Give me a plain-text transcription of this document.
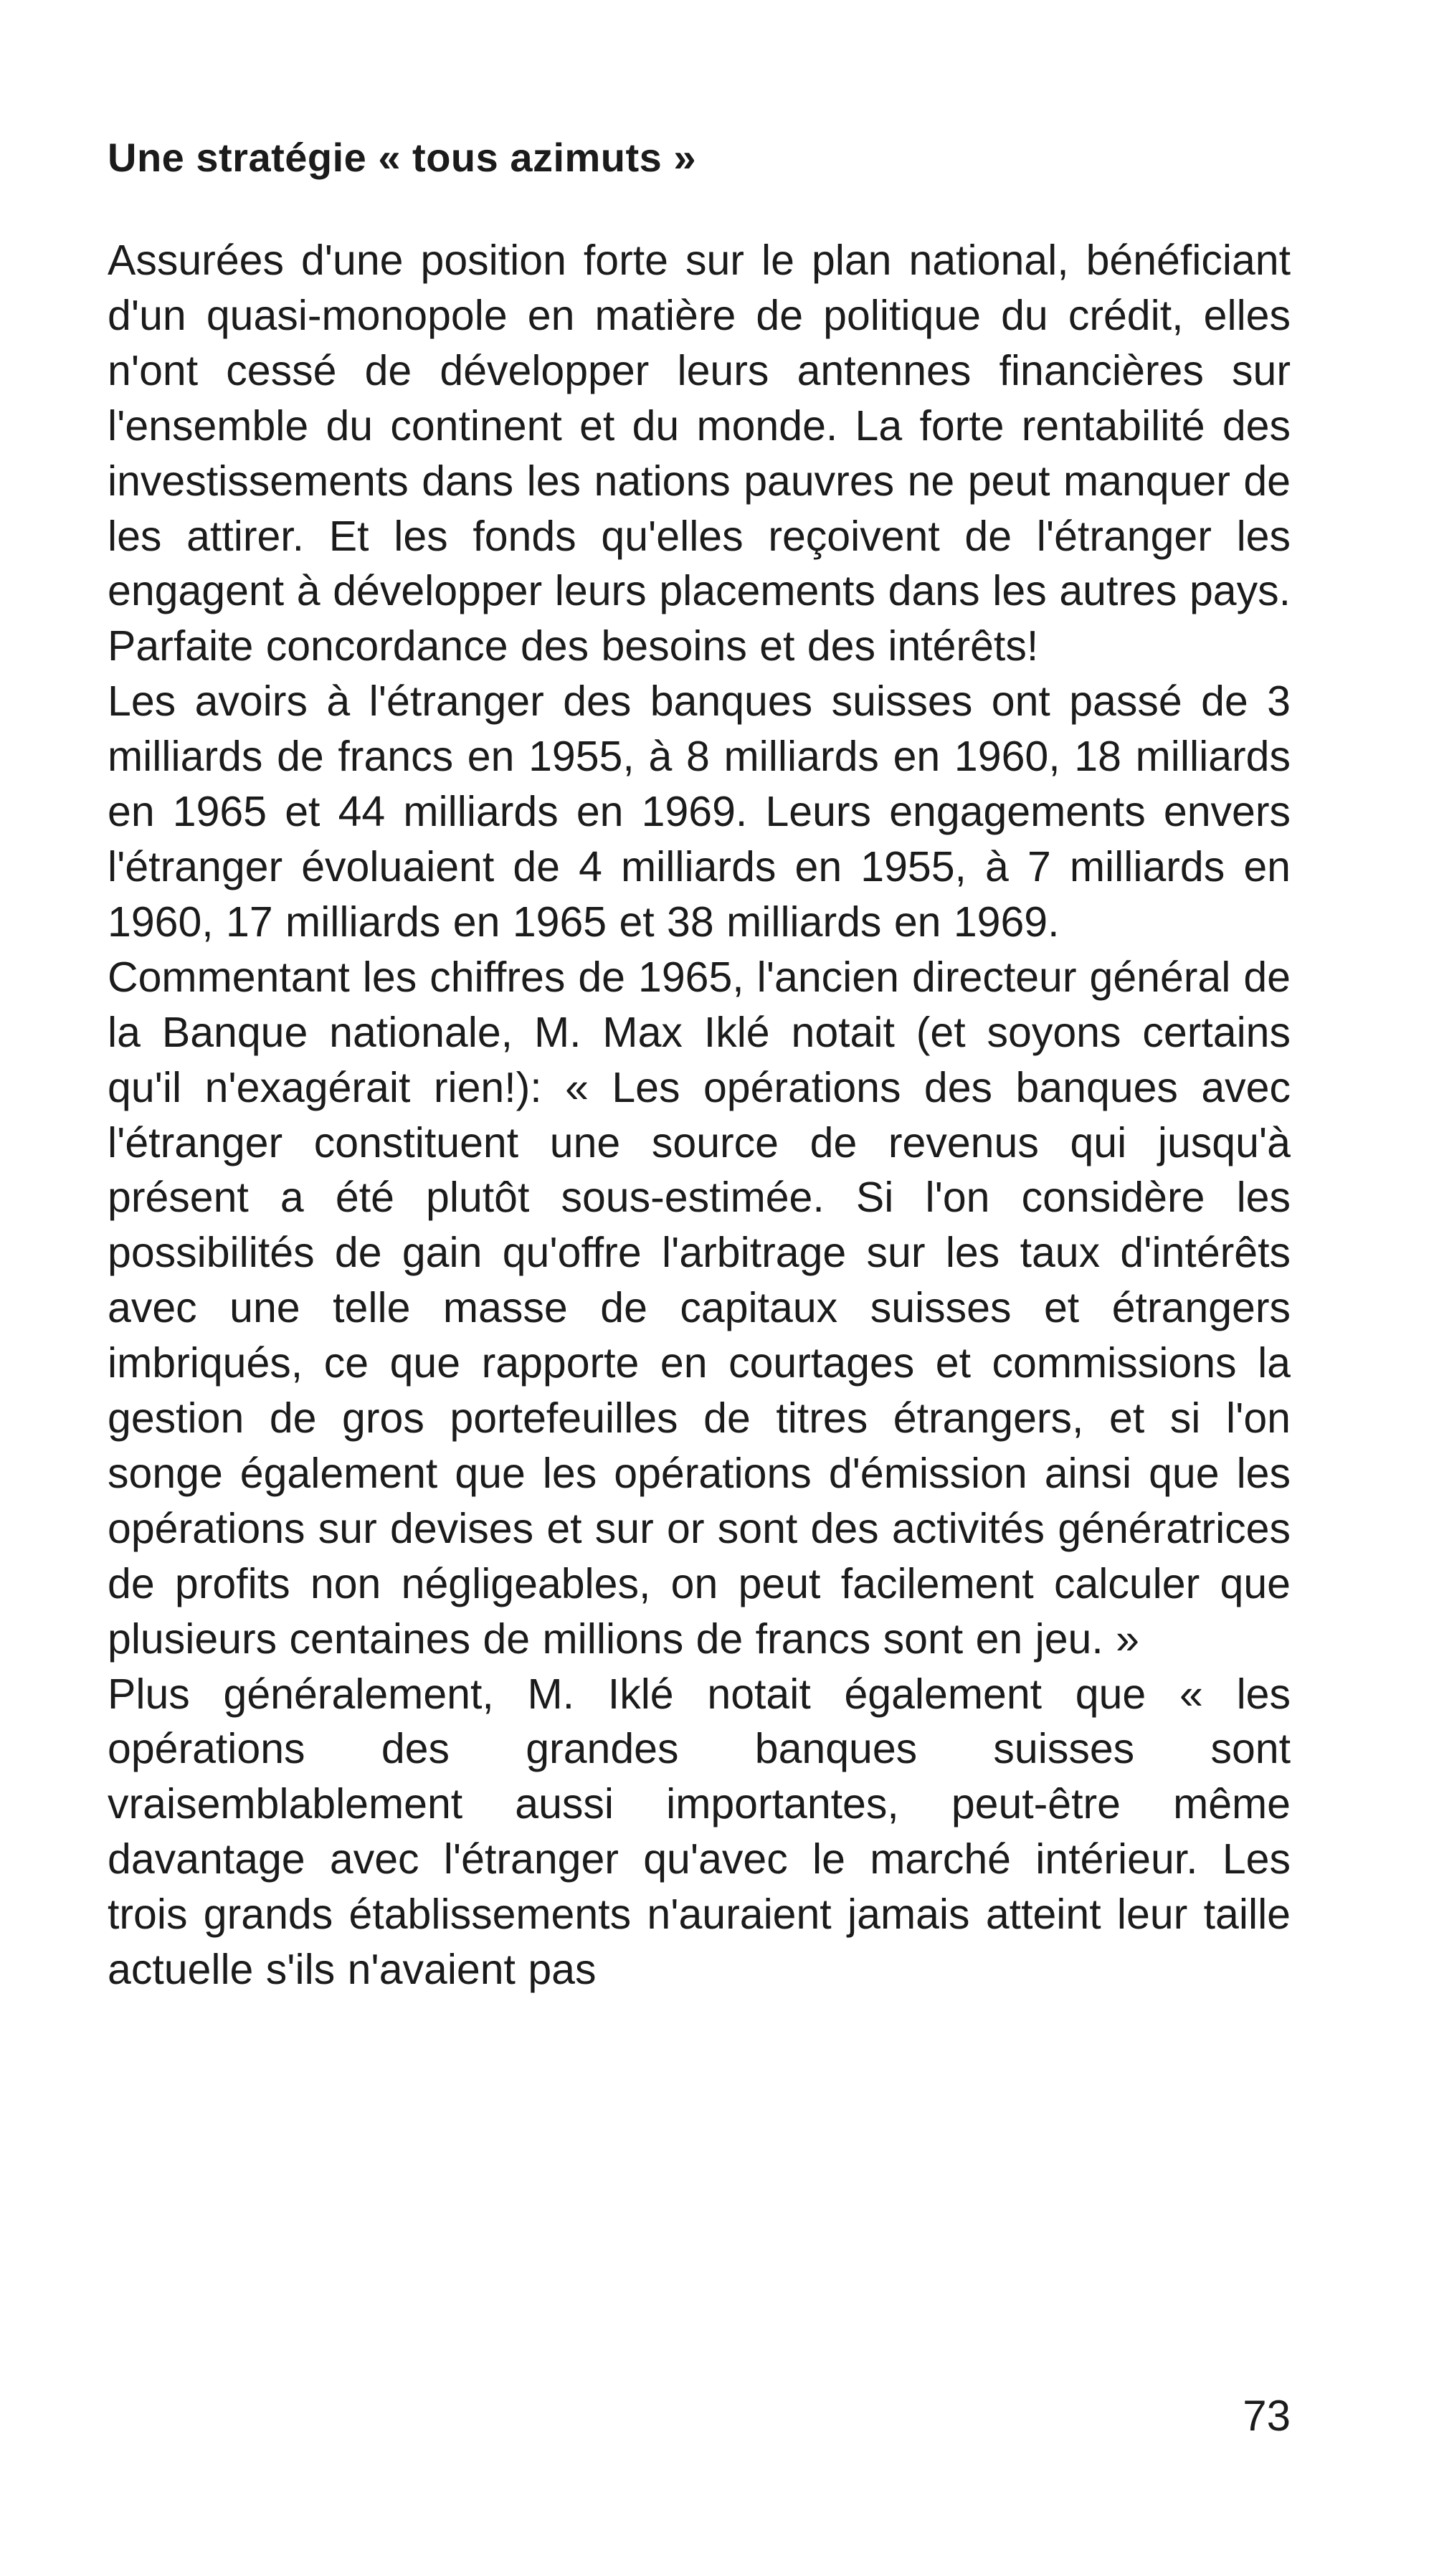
Une stratégie « tous azimuts »

Assurées d'une position forte sur le plan national, bénéficiant d'un quasi-monopole en matière de politique du crédit, elles n'ont cessé de développer leurs antennes financières sur l'ensemble du continent et du monde. La forte rentabilité des investissements dans les nations pauvres ne peut manquer de les attirer. Et les fonds qu'elles reçoivent de l'étranger les engagent à développer leurs placements dans les autres pays. Parfaite concordance des besoins et des intérêts!

Les avoirs à l'étranger des banques suisses ont passé de 3 milliards de francs en 1955, à 8 milliards en 1960, 18 milliards en 1965 et 44 milliards en 1969. Leurs engagements envers l'étranger évoluaient de 4 milliards en 1955, à 7 milliards en 1960, 17 milliards en 1965 et 38 milliards en 1969.

Commentant les chiffres de 1965, l'ancien directeur général de la Banque nationale, M. Max Iklé notait (et soyons certains qu'il n'exagérait rien!): « Les opérations des banques avec l'étranger constituent une source de revenus qui jusqu'à présent a été plutôt sous-estimée. Si l'on considère les possibilités de gain qu'offre l'arbitrage sur les taux d'intérêts avec une telle masse de capitaux suisses et étrangers imbriqués, ce que rapporte en courtages et commissions la gestion de gros portefeuilles de titres étrangers, et si l'on songe également que les opérations d'émission ainsi que les opérations sur devises et sur or sont des activités génératrices de profits non négligeables, on peut facilement calculer que plusieurs centaines de millions de francs sont en jeu. »

Plus généralement, M. Iklé notait également que « les opérations des grandes banques suisses sont vraisemblablement aussi importantes, peut-être même davantage avec l'étranger qu'avec le marché intérieur. Les trois grands établissements n'auraient jamais atteint leur taille actuelle s'ils n'avaient pas

73
